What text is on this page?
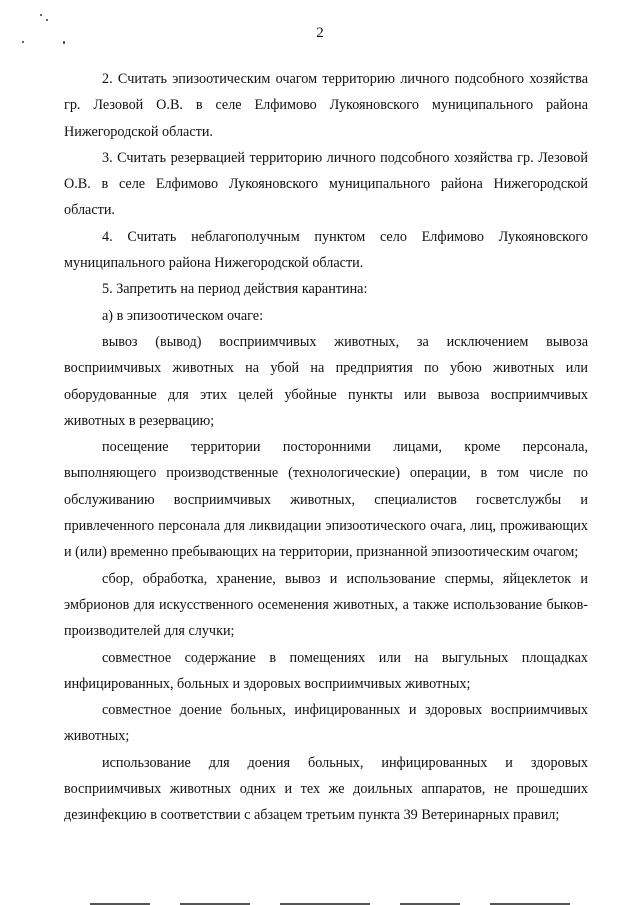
2

2. Считать эпизоотическим очагом территорию личного подсобного хозяйства гр. Лезовой О.В. в селе Елфимово Лукояновского муниципального района Нижегородской области.

3. Считать резервацией территорию личного подсобного хозяйства гр. Лезовой О.В. в селе Елфимово Лукояновского муниципального района Нижегородской области.

4. Считать неблагополучным пунктом село Елфимово Лукояновского муниципального района Нижегородской области.

5. Запретить на период действия карантина:

а) в эпизоотическом очаге:

вывоз (вывод) восприимчивых животных, за исключением вывоза восприимчивых животных на убой на предприятия по убою животных или оборудованные для этих целей убойные пункты или вывоза восприимчивых животных в резервацию;

посещение территории посторонними лицами, кроме персонала, выполняющего производственные (технологические) операции, в том числе по обслуживанию восприимчивых животных, специалистов госветслужбы и привлеченного персонала для ликвидации эпизоотического очага, лиц, проживающих и (или) временно пребывающих на территории, признанной эпизоотическим очагом;

сбор, обработка, хранение, вывоз и использование спермы, яйцеклеток и эмбрионов для искусственного осеменения животных, а также использование быков-производителей для случки;

совместное содержание в помещениях или на выгульных площадках инфицированных, больных и здоровых восприимчивых животных;

совместное доение больных, инфицированных и здоровых восприимчивых животных;

использование для доения больных, инфицированных и здоровых восприимчивых животных одних и тех же доильных аппаратов, не прошедших дезинфекцию в соответствии с абзацем третьим пункта 39 Ветеринарных правил;
